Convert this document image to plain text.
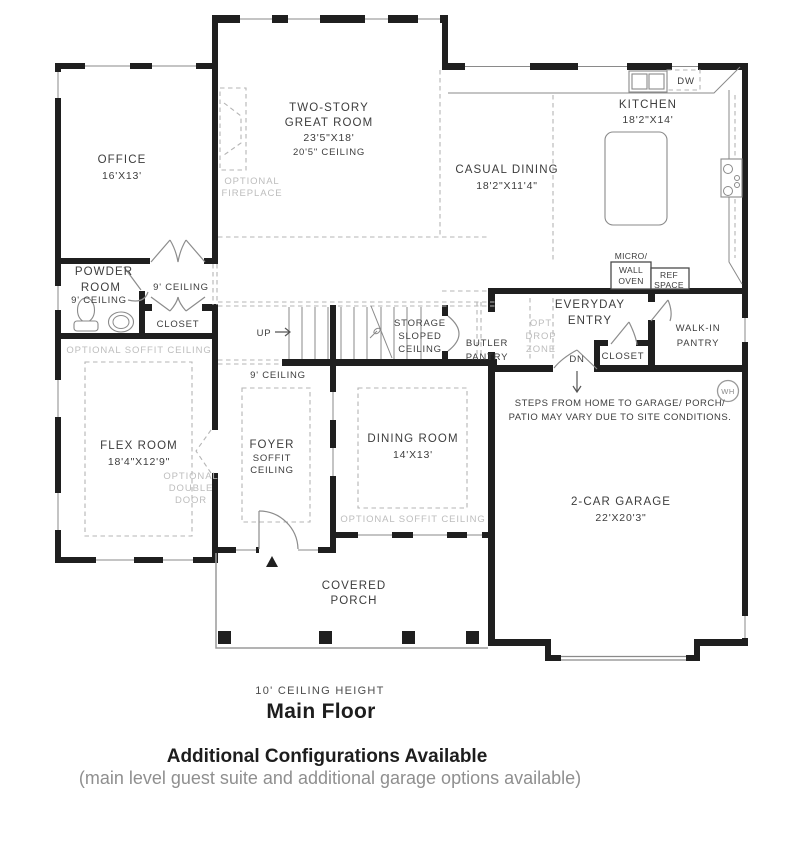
WH
OFFICE
16'X13'
TWO-STORY
GREAT ROOM
23'5"X18'
20'5" CEILING
OPTIONAL
FIREPLACE
KITCHEN
18'2"X14'
DW
CASUAL DINING
18'2"X11'4"
POWDER
ROOM
9' CEILING
9' CEILING
CLOSET
OPTIONAL SOFFIT CEILING
FLEX ROOM
18'4"X12'9"
OPTIONAL
DOUBLE
DOOR
9' CEILING
FOYER
SOFFIT
CEILING
DINING ROOM
14'X13'
OPTIONAL SOFFIT CEILING
UP
STORAGE
SLOPED
CEILING
BUTLER
PANTRY
EVERYDAY
ENTRY
OPT
DROP
ZONE
DN CLOSET
WALK-IN
PANTRY
STEPS FROM HOME TO GARAGE/ PORCH/
PATIO MAY VARY DUE TO SITE CONDITIONS.
2-CAR GARAGE
22'X20'3"
COVERED
PORCH
MICRO/
WALL
OVEN
REF
SPACE
10' CEILING HEIGHT
Main Floor
Additional Configurations Available
(main level guest suite and additional garage options available)
